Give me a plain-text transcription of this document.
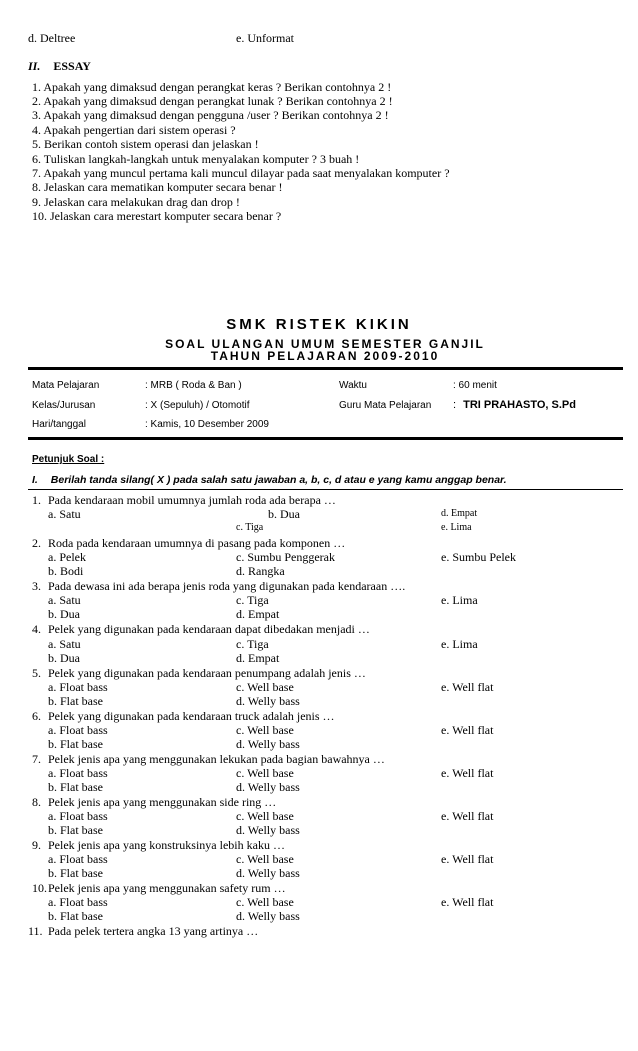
d. Deltree	e. Unformat
II. ESSAY
1. Apakah yang dimaksud dengan perangkat keras ? Berikan contohnya 2 !
2. Apakah yang dimaksud dengan perangkat lunak ? Berikan contohnya 2 !
3. Apakah yang dimaksud dengan pengguna /user ? Berikan contohnya 2 !
4. Apakah pengertian dari sistem operasi ?
5. Berikan contoh sistem operasi dan jelaskan !
6. Tuliskan langkah-langkah untuk menyalakan komputer ? 3 buah !
7. Apakah yang muncul pertama kali muncul dilayar pada saat menyalakan komputer ?
8. Jelaskan cara mematikan komputer secara benar !
9. Jelaskan cara melakukan drag dan drop !
10. Jelaskan cara merestart komputer secara benar ?
SMK RISTEK KIKIN
SOAL ULANGAN UMUM SEMESTER GANJIL
TAHUN PELAJARAN 2009-2010
Mata Pelajaran	: MRB ( Roda & Ban )	Waktu	: 60 menit
Kelas/Jurusan	: X (Sepuluh) / Otomotif	Guru Mata Pelajaran : TRI PRAHASTO, S.Pd
Hari/tanggal	: Kamis, 10 Desember 2009
Petunjuk Soal :
I. Berilah tanda silang( X ) pada salah satu jawaban a, b, c, d atau e yang kamu anggap benar.
1. Pada kendaraan mobil umumnya jumlah roda ada berapa …
a. Satu	b. Dua	d. Empat
c. Tiga	e. Lima
2. Roda pada kendaraan umumnya di pasang pada komponen …
a. Pelek	c. Sumbu Penggerak	e. Sumbu Pelek
b. Bodi	d. Rangka
3. Pada dewasa ini ada berapa jenis roda yang digunakan pada kendaraan ….
a. Satu	c. Tiga	e. Lima
b. Dua	d. Empat
4. Pelek yang digunakan pada kendaraan dapat dibedakan menjadi …
a. Satu	c. Tiga	e. Lima
b. Dua	d. Empat
5. Pelek yang digunakan pada kendaraan penumpang adalah jenis …
a. Float bass	c. Well base	e. Well flat
b. Flat base	d. Welly bass
6. Pelek yang digunakan pada kendaraan truck adalah jenis …
a. Float bass	c. Well base	e. Well flat
b. Flat base	d. Welly bass
7. Pelek jenis apa yang menggunakan lekukan pada bagian bawahnya …
a. Float bass	c. Well base	e. Well flat
b. Flat base	d. Welly bass
8. Pelek jenis apa yang menggunakan side ring …
a. Float bass	c. Well base	e. Well flat
b. Flat base	d. Welly bass
9. Pelek jenis apa yang konstruksinya lebih kaku …
a. Float bass	c. Well base	e. Well flat
b. Flat base	d. Welly bass
10. Pelek jenis apa yang menggunakan safety rum …
a. Float bass	c. Well base	e. Well flat
b. Flat base	d. Welly bass
11. Pada pelek tertera angka 13 yang artinya …
